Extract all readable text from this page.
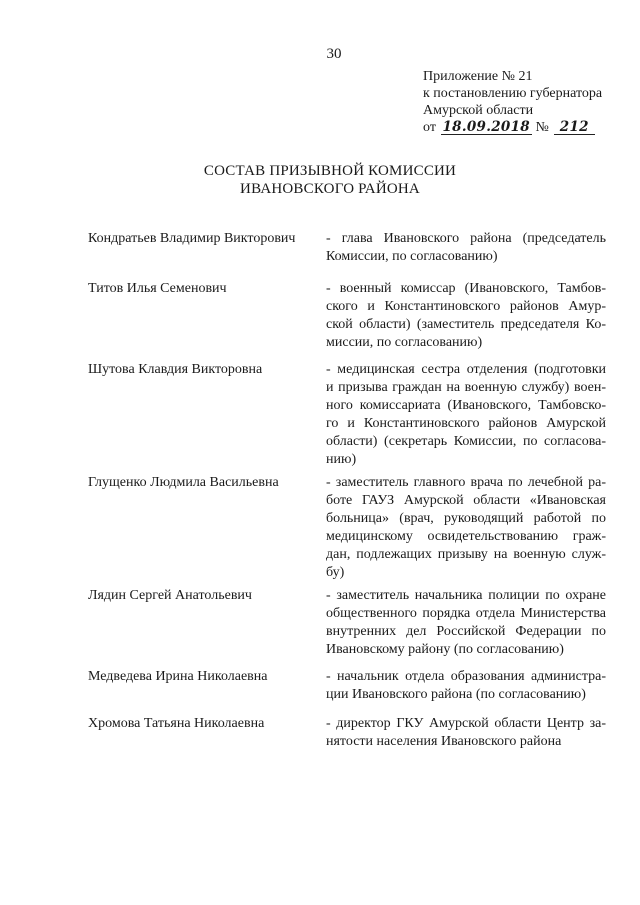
30
Приложение № 21
к постановлению губернатора
Амурской области
от 18.09.2018 № 212
СОСТАВ ПРИЗЫВНОЙ КОМИССИИ
ИВАНОВСКОГО РАЙОНА
Кондратьев Владимир Викторович	- глава Ивановского района (председатель
Комиссии, по согласованию)
Титов Илья Семенович	- военный комиссар (Ивановского, Тамбов-
ского и Константиновского районов Амур-
ской области) (заместитель председателя Ко-
миссии, по согласованию)
Шутова Клавдия Викторовна	- медицинская сестра отделения (подготовки
и призыва граждан на военную службу) воен-
ного комиссариата (Ивановского, Тамбовско-
го и Константиновского районов Амурской
области) (секретарь Комиссии, по согласова-
нию)
Глущенко Людмила Васильевна	- заместитель главного врача по лечебной ра-
боте ГАУЗ Амурской области «Ивановская
больница» (врач, руководящий работой по
медицинскому освидетельствованию граж-
дан, подлежащих призыву на военную служ-
бу)
Лядин Сергей Анатольевич	- заместитель начальника полиции по охране
общественного порядка отдела Министерства
внутренних дел Российской Федерации по
Ивановскому району (по согласованию)
Медведева Ирина Николаевна	- начальник отдела образования администра-
ции Ивановского района (по согласованию)
Хромова Татьяна Николаевна	- директор ГКУ Амурской области Центр за-
нятости населения Ивановского района
